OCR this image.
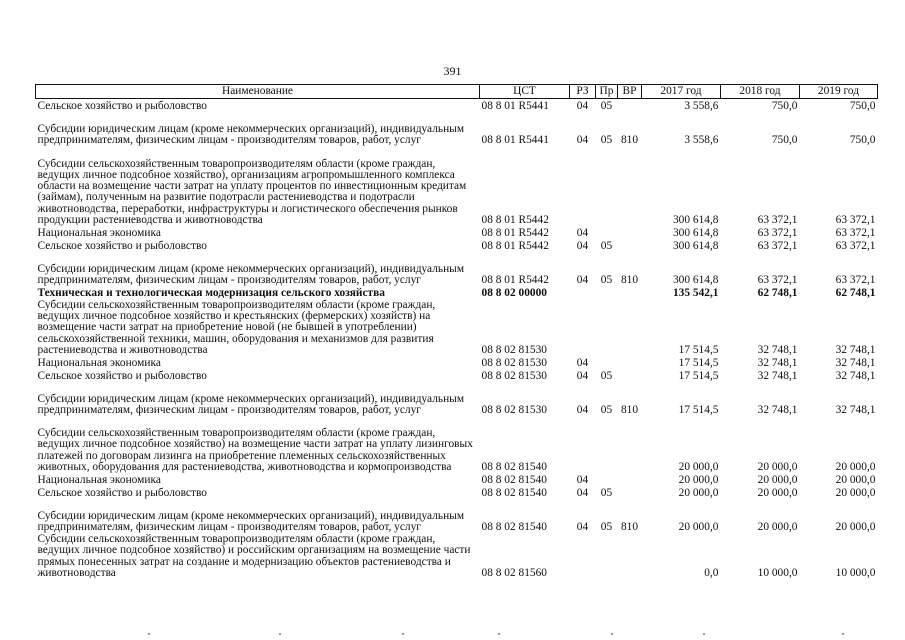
391
Наименование	ЦСТ	РЗ	Пр	ВР	2017 год	2018 год	2019 год
Сельское хозяйство и рыболовство	08 8 01 R5441	04	05		3 558,6	750,0	750,0
Субсидии юридическим лицам (кроме некоммерческих организаций), индивидуальным предпринимателям, физическим лицам - производителям товаров, работ, услуг	08 8 01 R5441	04	05	810	3 558,6	750,0	750,0
Субсидии сельскохозяйственным товаропроизводителям области (кроме граждан, ведущих личное подсобное хозяйство), организациям агропромышленного комплекса области на возмещение части затрат на уплату процентов по инвестиционным кредитам (займам), полученным на развитие подотрасли растениеводства и подотрасли животноводства, переработки, инфраструктуры и логистического обеспечения рынков продукции растениеводства и животноводства	08 8 01 R5442				300 614,8	63 372,1	63 372,1
Национальная экономика	08 8 01 R5442	04			300 614,8	63 372,1	63 372,1
Сельское хозяйство и рыболовство	08 8 01 R5442	04	05		300 614,8	63 372,1	63 372,1
Субсидии юридическим лицам (кроме некоммерческих организаций), индивидуальным предпринимателям, физическим лицам - производителям товаров, работ, услуг	08 8 01 R5442	04	05	810	300 614,8	63 372,1	63 372,1
Техническая и технологическая модернизация сельского хозяйства	08 8 02 00000				135 542,1	62 748,1	62 748,1
Субсидии сельскохозяйственным товаропроизводителям области (кроме граждан, ведущих личное подсобное хозяйство и крестьянских (фермерских) хозяйств) на возмещение части затрат на приобретение новой (не бывшей в употреблении) сельскохозяйственной техники, машин, оборудования и механизмов для развития растениеводства и животноводства	08 8 02 81530				17 514,5	32 748,1	32 748,1
Национальная экономика	08 8 02 81530	04			17 514,5	32 748,1	32 748,1
Сельское хозяйство и рыболовство	08 8 02 81530	04	05		17 514,5	32 748,1	32 748,1
Субсидии юридическим лицам (кроме некоммерческих организаций), индивидуальным предпринимателям, физическим лицам - производителям товаров, работ, услуг	08 8 02 81530	04	05	810	17 514,5	32 748,1	32 748,1
Субсидии сельскохозяйственным товаропроизводителям области (кроме граждан, ведущих личное подсобное хозяйство) на возмещение части затрат на уплату лизинговых платежей по договорам лизинга на приобретение племенных сельскохозяйственных животных, оборудования для растениеводства, животноводства и кормопроизводства	08 8 02 81540				20 000,0	20 000,0	20 000,0
Национальная экономика	08 8 02 81540	04			20 000,0	20 000,0	20 000,0
Сельское хозяйство и рыболовство	08 8 02 81540	04	05		20 000,0	20 000,0	20 000,0
Субсидии юридическим лицам (кроме некоммерческих организаций), индивидуальным предпринимателям, физическим лицам - производителям товаров, работ, услуг	08 8 02 81540	04	05	810	20 000,0	20 000,0	20 000,0
Субсидии сельскохозяйственным товаропроизводителям области (кроме граждан, ведущих личное подсобное хозяйство) и российским организациям на возмещение части прямых понесенных затрат на создание и модернизацию объектов растениеводства и животноводства	08 8 02 81560				0,0	10 000,0	10 000,0
